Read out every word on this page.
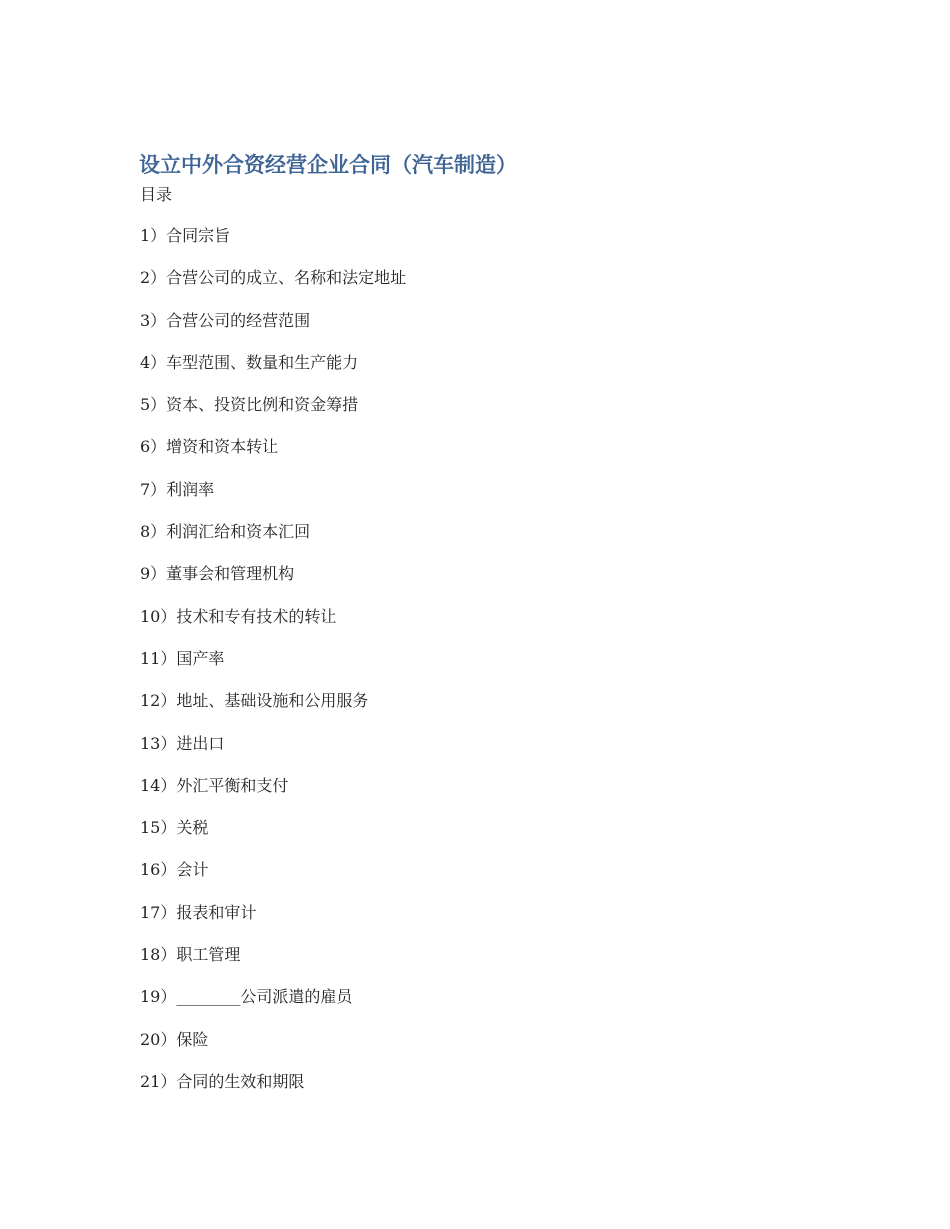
设立中外合资经营企业合同（汽车制造）

目录

1）合同宗旨
2）合营公司的成立、名称和法定地址
3）合营公司的经营范围
4）车型范围、数量和生产能力
5）资本、投资比例和资金筹措
6）增资和资本转让
7）利润率
8）利润汇给和资本汇回
9）董事会和管理机构
10）技术和专有技术的转让
11）国产率
12）地址、基础设施和公用服务
13）进出口
14）外汇平衡和支付
15）关税
16）会计
17）报表和审计
18）职工管理
19）________公司派遣的雇员
20）保险
21）合同的生效和期限
